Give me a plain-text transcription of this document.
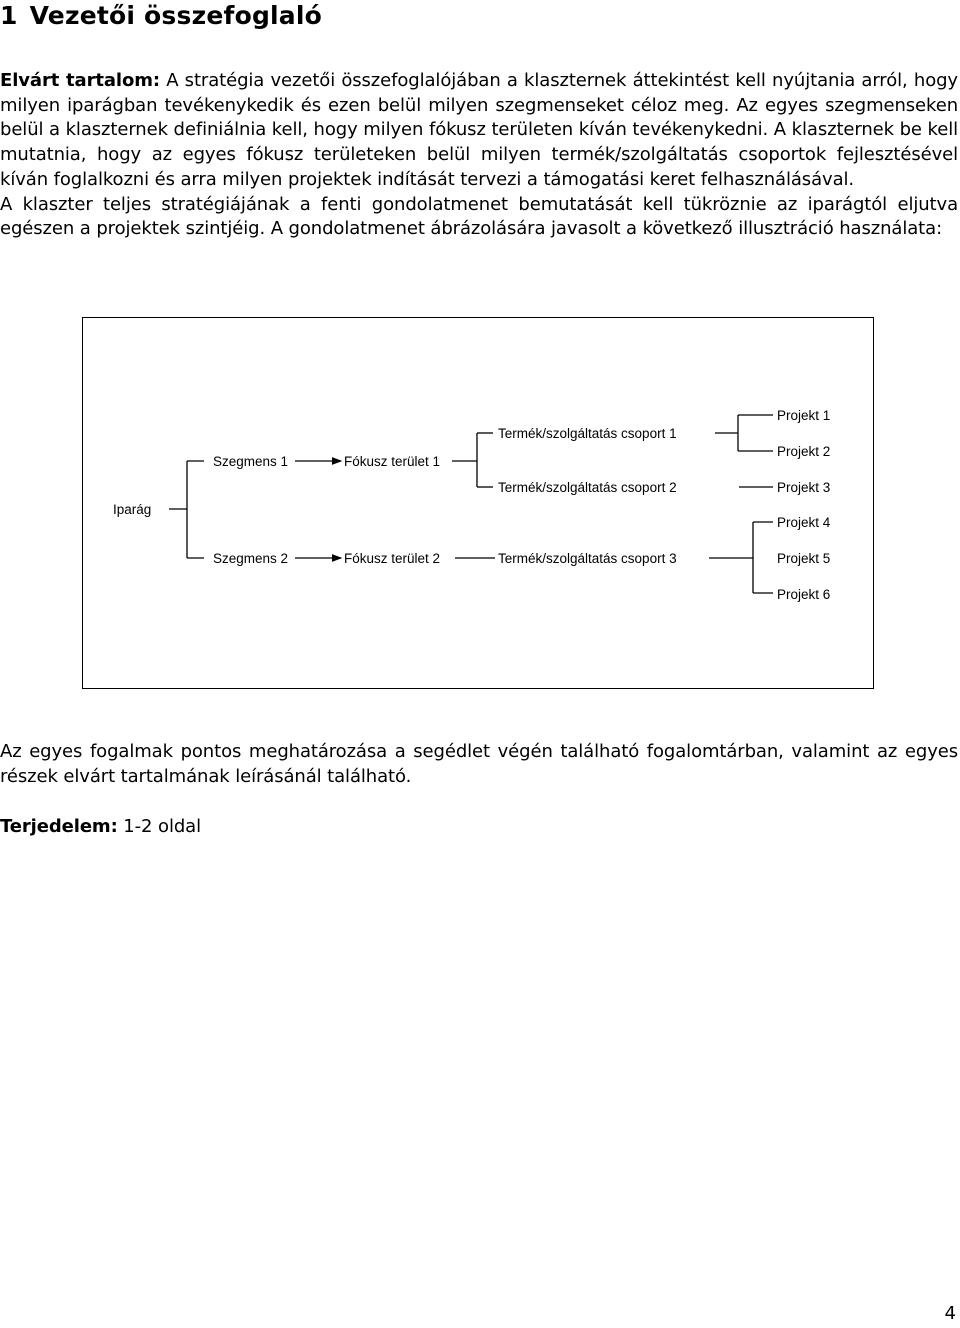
1 Vezetői összefoglaló

Elvárt tartalom: A stratégia vezetői összefoglalójában a klaszternek áttekintést kell nyújtania arról, hogy milyen iparágban tevékenykedik és ezen belül milyen szegmenseket céloz meg. Az egyes szegmenseken belül a klaszternek definiálnia kell, hogy milyen fókusz területen kíván tevékenykedni. A klaszternek be kell mutatnia, hogy az egyes fókusz területeken belül milyen termék/szolgáltatás csoportok fejlesztésével kíván foglalkozni és arra milyen projektek indítását tervezi a támogatási keret felhasználásával.
A klaszter teljes stratégiájának a fenti gondolatmenet bemutatását kell tükröznie az iparágtól eljutva egészen a projektek szintjéig. A gondolatmenet ábrázolására javasolt a következő illusztráció használata:

Iparág
Szegmens 1
Szegmens 2
Fókusz terület 1
Fókusz terület 2
Termék/szolgáltatás csoport 1
Termék/szolgáltatás csoport 2
Termék/szolgáltatás csoport 3
Projekt 1
Projekt 2
Projekt 3
Projekt 4
Projekt 5
Projekt 6

Az egyes fogalmak pontos meghatározása a segédlet végén található fogalomtárban, valamint az egyes részek elvárt tartalmának leírásánál található.

Terjedelem: 1-2 oldal

4
